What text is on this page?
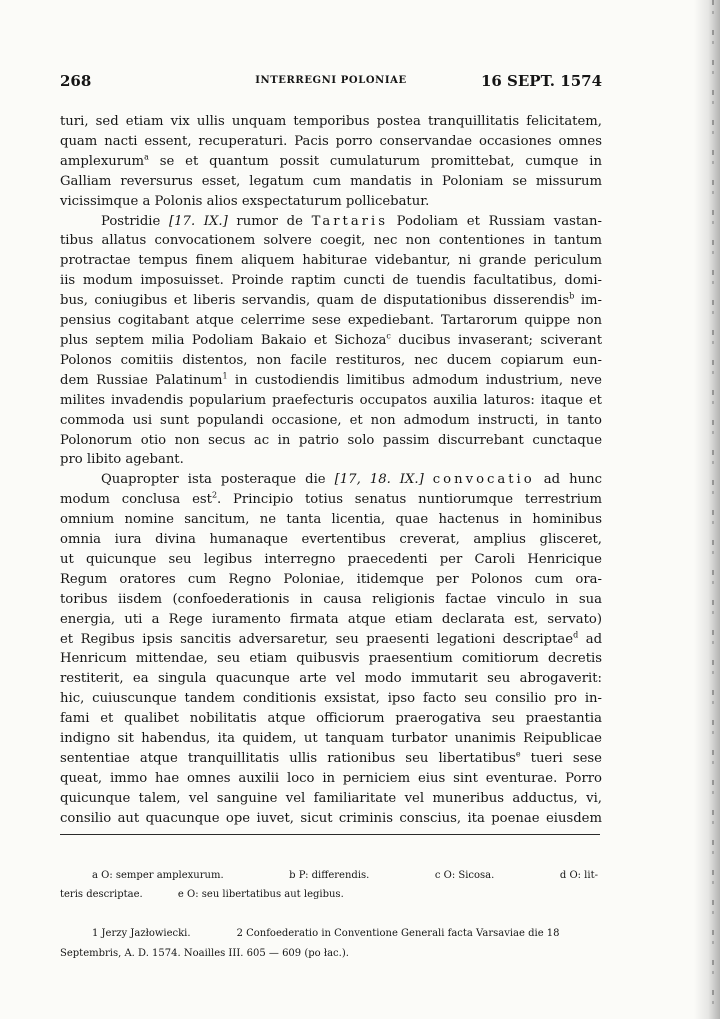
268	INTERREGNI POLONIAE	16 SEPT. 1574
turi, sed etiam vix ullis unquam temporibus postea tranquillitatis felicitatem,
quam nacti essent, recuperaturi. Pacis porro conservandae occasiones omnes
amplexurum$^a$ se et quantum possit cumulaturum promittebat, cumque in
Galliam reversurus esset, legatum cum mandatis in Poloniam se missurum
vicissimque a Polonis alios exspectaturum pollicebatur.
Postridie [17. IX.] rumor de Tartaris Podoliam et Russiam vastan-
tibus allatus convocationem solvere coegit, nec non contentiones in tantum
protractae tempus finem aliquem habiturae videbantur, ni grande periculum
iis modum imposuisset. Proinde raptim cuncti de tuendis facultatibus, domi-
bus, coniugibus et liberis servandis, quam de disputationibus disserendis$^b$ im-
pensius cogitabant atque celerrime sese expediebant. Tartarorum quippe non
plus septem milia Podoliam Bakaio et Sichoza$^c$ ducibus invaserant; sciverant
Polonos comitiis distentos, non facile restituros, nec ducem copiarum eun-
dem Russiae Palatinum$^1$ in custodiendis limitibus admodum industrium, neve
milites invadendis popularium praefecturis occupatos auxilia laturos: itaque et
commoda usi sunt populandi occasione, et non admodum instructi, in tanto
Polonorum otio non secus ac in patrio solo passim discurrebant cunctaque
pro libito agebant.
Quapropter ista posteraque die [17, 18. IX.] convocatio ad hunc
modum conclusa est$^2$. Principio totius senatus nuntiorumque terrestrium
omnium nomine sancitum, ne tanta licentia, quae hactenus in hominibus
omnia iura divina humanaque evertentibus creverat, amplius glisceret,
ut quicunque seu legibus interregno praecedenti per Caroli Henricique
Regum oratores cum Regno Poloniae, itidemque per Polonos cum ora-
toribus iisdem (confoederationis in causa religionis factae vinculo in sua
energia, uti a Rege iuramento firmata atque etiam declarata est, servato)
et Regibus ipsis sancitis adversaretur, seu praesenti legationi descriptae$^d$ ad
Henricum mittendae, seu etiam quibusvis praesentium comitiorum decretis
restiterit, ea singula quacunque arte vel modo immutarit seu abrogaverit:
hic, cuiuscunque tandem conditionis exsistat, ipso facto seu consilio pro in-
fami et qualibet nobilitatis atque officiorum praerogativa seu praestantia
indigno sit habendus, ita quidem, ut tanquam turbator unanimis Reipublicae
sententiae atque tranquillitatis ullis rationibus seu libertatibus$^e$ tueri sese
queat, immo hae omnes auxilii loco in perniciem eius sint eventurae. Porro
quicunque talem, vel sanguine vel familiaritate vel muneribus adductus, vi,
consilio aut quacunque ope iuvet, sicut criminis conscius, ita poenae eiusdem
a O: semper amplexurum.	b P: differendis.	c O: Sicosa.	d O: lit-
teris descriptae.	e O: seu libertatibus aut legibus.
1 Jerzy Jazłowiecki.	2 Confoederatio in Conventione Generali facta Varsaviae die 18
Septembris, A. D. 1574. Noailles III. 605 — 609 (po łac.).
